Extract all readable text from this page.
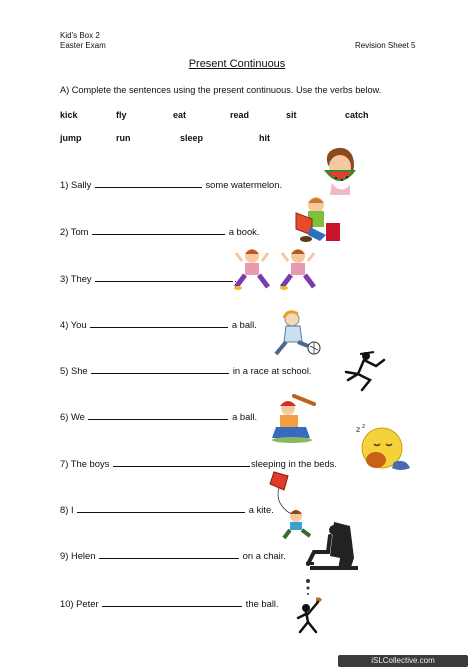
Kid's Box 2
Easter Exam	Revision Sheet 5
Present Continuous
A) Complete the sentences using the present continuous. Use the verbs below.
kick	fly	eat	read	sit	catch
jump	run	sleep	hit
1) Sally	some watermelon.
2) Tom	a book.
3) They	.
4) You	a ball.
5) She	in a race at school.
6) We	a ball.
7) The boys	sleeping in the beds.
8) I	a kite.
9) Helen	on a chair.
10) Peter	the ball.
z z
iSLCollective.com
